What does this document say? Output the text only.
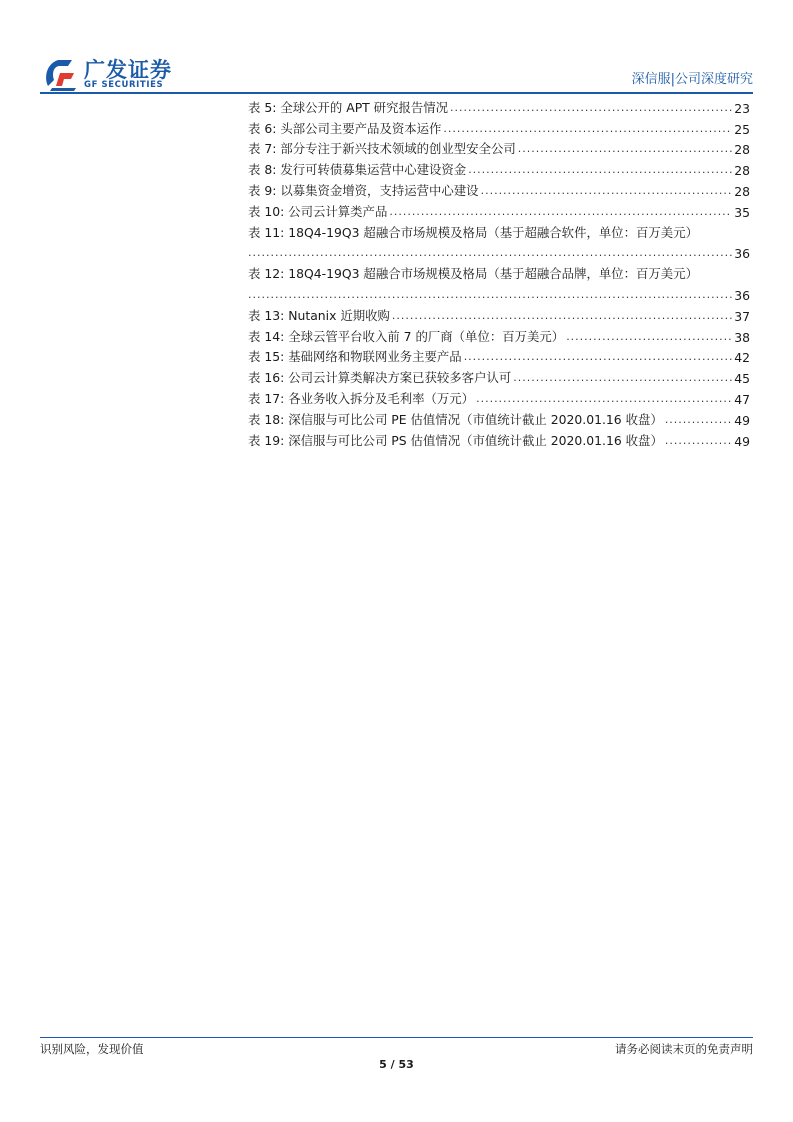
广发证券
GF SECURITIES	深信服|公司深度研究
表 5: 全球公开的 APT 研究报告情况 .....	23
表 6: 头部公司主要产品及资本运作 .....	25
表 7: 部分专注于新兴技术领域的创业型安全公司 .....	28
表 8: 发行可转债募集运营中心建设资金 .....	28
表 9: 以募集资金增资，支持运营中心建设 .....	28
表 10: 公司云计算类产品 .....	35
表 11: 18Q4-19Q3 超融合市场规模及格局（基于超融合软件，单位：百万美元）
.....
36
表 12: 18Q4-19Q3 超融合市场规模及格局（基于超融合品牌，单位：百万美元）
.....
36
表 13: Nutanix 近期收购 .....	37
表 14: 全球云管平台收入前 7 的厂商（单位：百万美元） .....	38
表 15: 基础网络和物联网业务主要产品 .....	42
表 16: 公司云计算类解决方案已获较多客户认可 .....	45
表 17: 各业务收入拆分及毛利率（万元） .....	47
表 18: 深信服与可比公司 PE 估值情况（市值统计截止 2020.01.16 收盘） .....	49
表 19: 深信服与可比公司 PS 估值情况（市值统计截止 2020.01.16 收盘） .....	49
识别风险，发现价值	请务必阅读末页的免责声明
5 / 53
